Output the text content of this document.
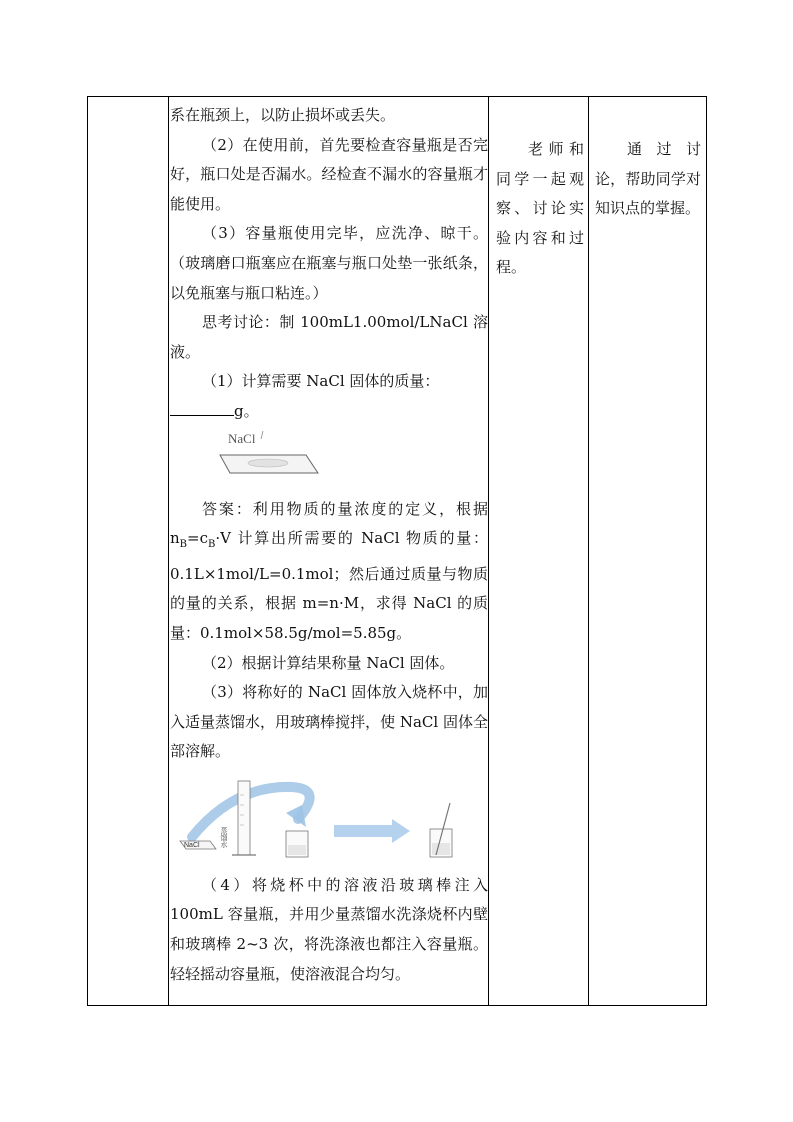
系在瓶颈上，以防止损坏或丢失。

（2）在使用前，首先要检查容量瓶是否完好，瓶口处是否漏水。经检查不漏水的容量瓶才能使用。

（3）容量瓶使用完毕，应洗净、晾干。（玻璃磨口瓶塞应在瓶塞与瓶口处垫一张纸条，以免瓶塞与瓶口粘连。）

思考讨论：制 100mL1.00mol/LNaCl 溶液。

（1）计算需要 NaCl 固体的质量：
g。

NaCl

答案：利用物质的量浓度的定义，根据 $n_B=c_B\cdot V$ 计算出所需要的 NaCl 物质的量：0.1L×1mol/L=0.1mol；然后通过质量与物质的量的关系，根据 m=n·M，求得 NaCl 的质量：0.1mol×58.5g/mol=5.85g。

（2）根据计算结果称量 NaCl 固体。

（3）将称好的 NaCl 固体放入烧杯中，加入适量蒸馏水，用玻璃棒搅拌，使 NaCl 固体全部溶解。

NaCl	蒸馏水

（4）将烧杯中的溶液沿玻璃棒注入 100mL 容量瓶，并用少量蒸馏水洗涤烧杯内壁和玻璃棒 2~3 次，将洗涤液也都注入容量瓶。轻轻摇动容量瓶，使溶液混合均匀。

老师和同学一起观察、讨论实验内容和过程。

通过讨论，帮助同学对知识点的掌握。
